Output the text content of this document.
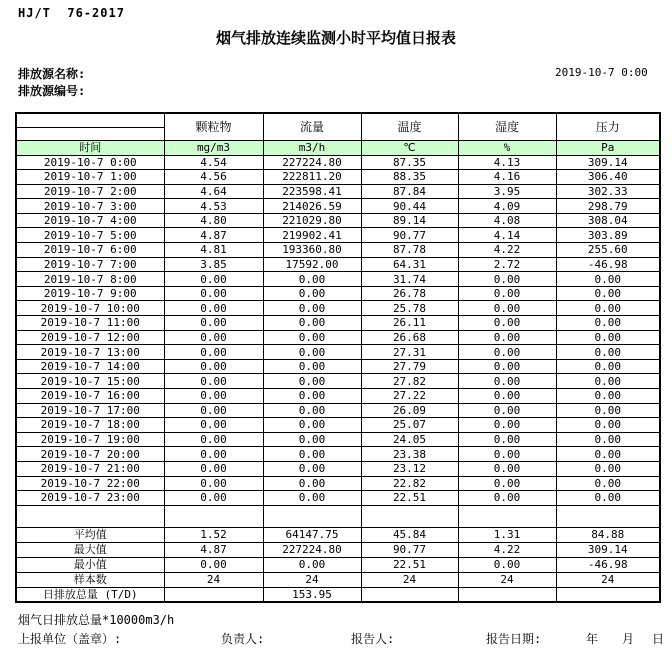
HJ/T  76-2017
烟气排放连续监测小时平均值日报表
排放源名称:
排放源编号:
2019-10-7 0:00
	颗粒物	流量	温度	湿度	压力
时间	mg/m3	m3/h	℃	%	Pa
2019-10-7 0:00	4.54	227224.80	87.35	4.13	309.14
2019-10-7 1:00	4.56	222811.20	88.35	4.16	306.40
2019-10-7 2:00	4.64	223598.41	87.84	3.95	302.33
2019-10-7 3:00	4.53	214026.59	90.44	4.09	298.79
2019-10-7 4:00	4.80	221029.80	89.14	4.08	308.04
2019-10-7 5:00	4.87	219902.41	90.77	4.14	303.89
2019-10-7 6:00	4.81	193360.80	87.78	4.22	255.60
2019-10-7 7:00	3.85	17592.00	64.31	2.72	-46.98
2019-10-7 8:00	0.00	0.00	31.74	0.00	0.00
2019-10-7 9:00	0.00	0.00	26.78	0.00	0.00
2019-10-7 10:00	0.00	0.00	25.78	0.00	0.00
2019-10-7 11:00	0.00	0.00	26.11	0.00	0.00
2019-10-7 12:00	0.00	0.00	26.68	0.00	0.00
2019-10-7 13:00	0.00	0.00	27.31	0.00	0.00
2019-10-7 14:00	0.00	0.00	27.79	0.00	0.00
2019-10-7 15:00	0.00	0.00	27.82	0.00	0.00
2019-10-7 16:00	0.00	0.00	27.22	0.00	0.00
2019-10-7 17:00	0.00	0.00	26.09	0.00	0.00
2019-10-7 18:00	0.00	0.00	25.07	0.00	0.00
2019-10-7 19:00	0.00	0.00	24.05	0.00	0.00
2019-10-7 20:00	0.00	0.00	23.38	0.00	0.00
2019-10-7 21:00	0.00	0.00	23.12	0.00	0.00
2019-10-7 22:00	0.00	0.00	22.82	0.00	0.00
2019-10-7 23:00	0.00	0.00	22.51	0.00	0.00

平均值	1.52	64147.75	45.84	1.31	84.88
最大值	4.87	227224.80	90.77	4.22	309.14
最小值	0.00	0.00	22.51	0.00	-46.98
样本数	24	24	24	24	24
日排放总量 (T/D)		153.95			
烟气日排放总量*10000m3/h
上报单位（盖章）:	负责人:	报告人:	报告日期:	年 月 日
